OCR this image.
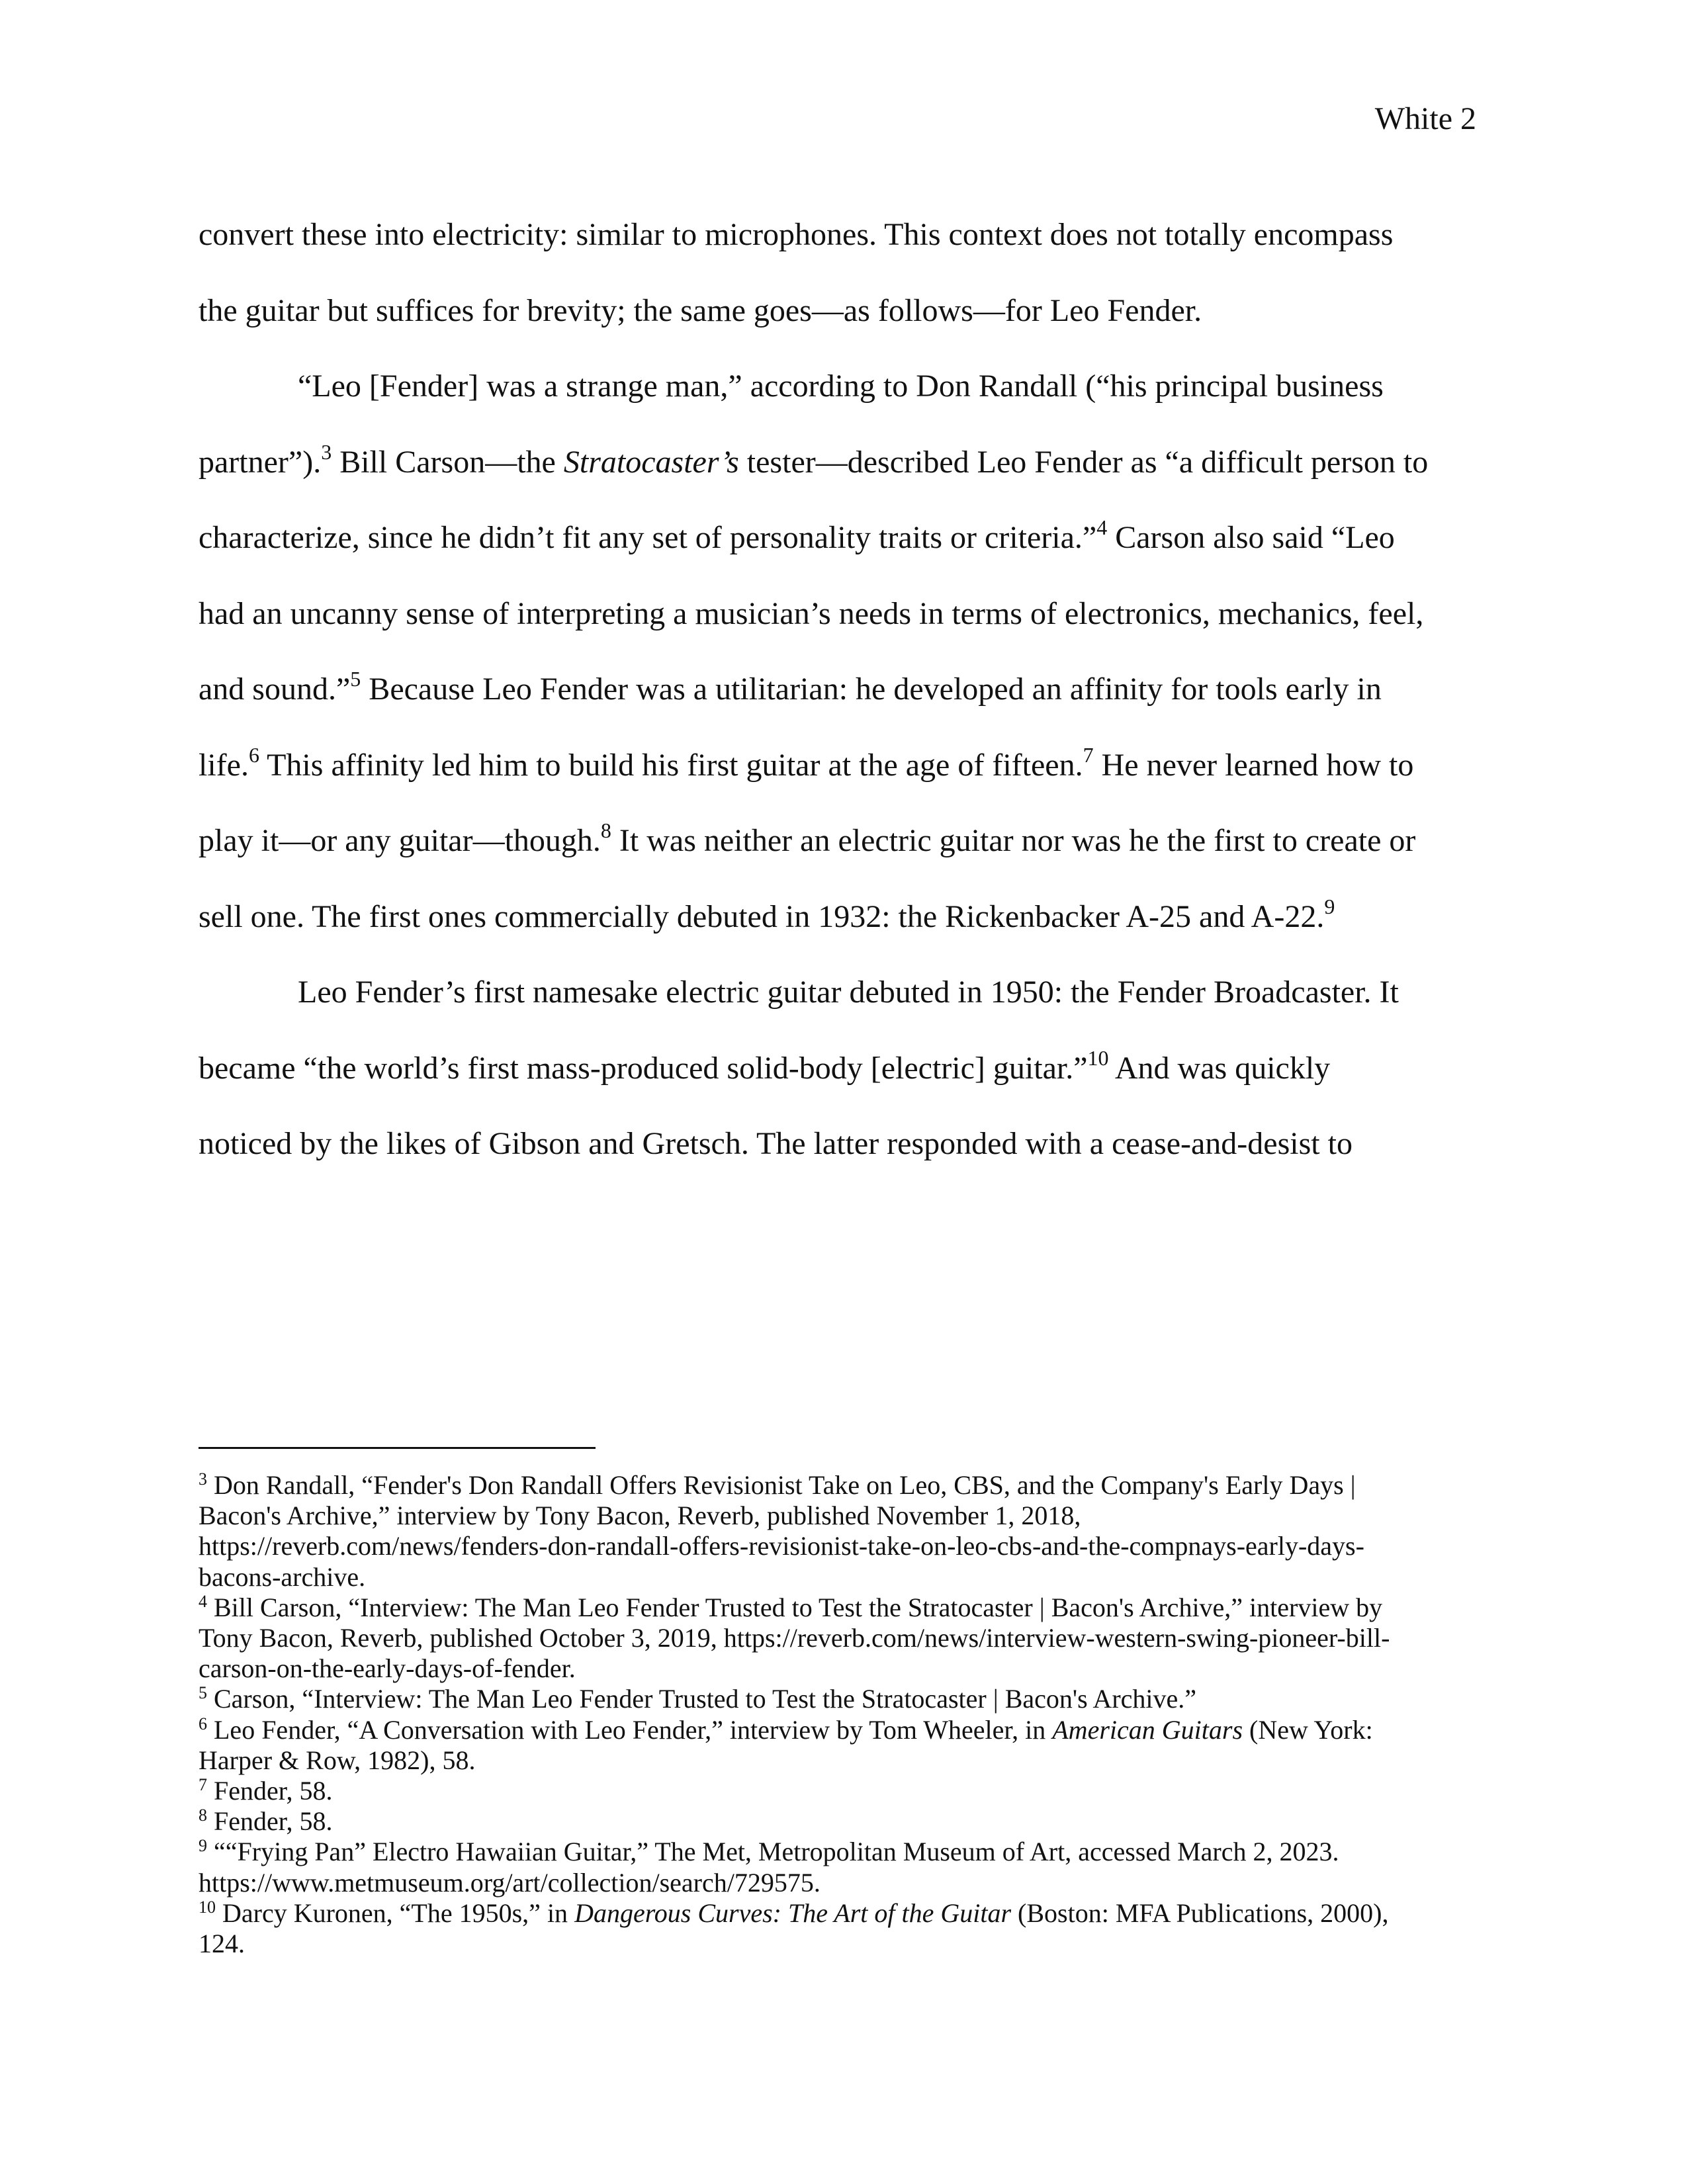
White 2
convert these into electricity: similar to microphones. This context does not totally encompass
the guitar but suffices for brevity; the same goes—as follows—for Leo Fender.
“Leo [Fender] was a strange man,” according to Don Randall (“his principal business
partner”).$^3$ Bill Carson—the Stratocaster’s tester—described Leo Fender as “a difficult person to
characterize, since he didn’t fit any set of personality traits or criteria.”$^4$ Carson also said “Leo
had an uncanny sense of interpreting a musician’s needs in terms of electronics, mechanics, feel,
and sound.”$^5$ Because Leo Fender was a utilitarian: he developed an affinity for tools early in
life.$^6$ This affinity led him to build his first guitar at the age of fifteen.$^7$ He never learned how to
play it—or any guitar—though.$^8$ It was neither an electric guitar nor was he the first to create or
sell one. The first ones commercially debuted in 1932: the Rickenbacker A-25 and A-22.$^9$
Leo Fender’s first namesake electric guitar debuted in 1950: the Fender Broadcaster. It
became “the world’s first mass-produced solid-body [electric] guitar.”$^{10}$ And was quickly
noticed by the likes of Gibson and Gretsch. The latter responded with a cease-and-desist to
$^3$ Don Randall, “Fender's Don Randall Offers Revisionist Take on Leo, CBS, and the Company's Early Days |
Bacon's Archive,” interview by Tony Bacon, Reverb, published November 1, 2018,
https://reverb.com/news/fenders-don-randall-offers-revisionist-take-on-leo-cbs-and-the-compnays-early-days-
bacons-archive.
$^4$ Bill Carson, “Interview: The Man Leo Fender Trusted to Test the Stratocaster | Bacon's Archive,” interview by
Tony Bacon, Reverb, published October 3, 2019, https://reverb.com/news/interview-western-swing-pioneer-bill-
carson-on-the-early-days-of-fender.
$^5$ Carson, “Interview: The Man Leo Fender Trusted to Test the Stratocaster | Bacon's Archive.”
$^6$ Leo Fender, “A Conversation with Leo Fender,” interview by Tom Wheeler, in American Guitars (New York:
Harper & Row, 1982), 58.
$^7$ Fender, 58.
$^8$ Fender, 58.
$^9$ ““Frying Pan” Electro Hawaiian Guitar,” The Met, Metropolitan Museum of Art, accessed March 2, 2023.
https://www.metmuseum.org/art/collection/search/729575.
$^{10}$ Darcy Kuronen, “The 1950s,” in Dangerous Curves: The Art of the Guitar (Boston: MFA Publications, 2000),
124.
